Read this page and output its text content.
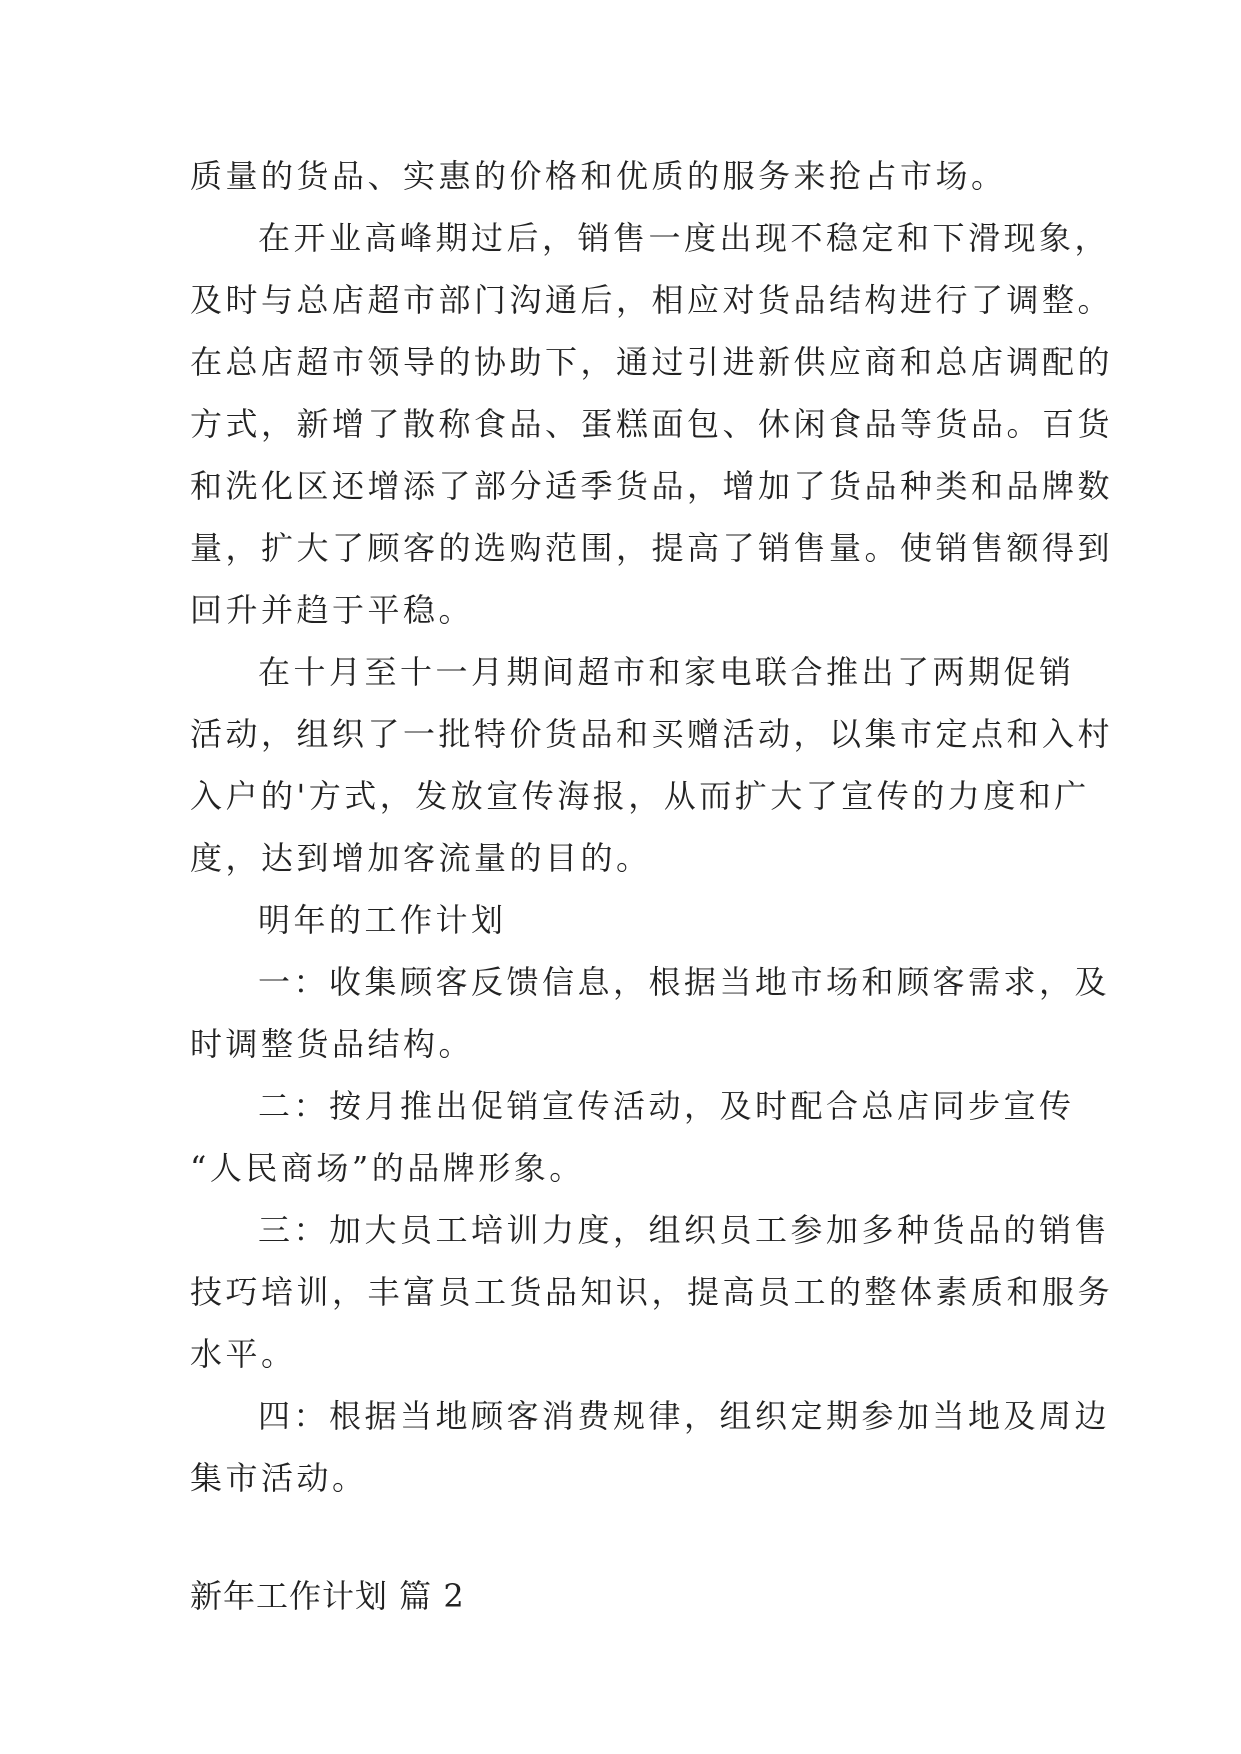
质量的货品、实惠的价格和优质的服务来抢占市场。
在开业高峰期过后，销售一度出现不稳定和下滑现象，
及时与总店超市部门沟通后，相应对货品结构进行了调整。
在总店超市领导的协助下，通过引进新供应商和总店调配的
方式，新增了散称食品、蛋糕面包、休闲食品等货品。百货
和洗化区还增添了部分适季货品，增加了货品种类和品牌数
量，扩大了顾客的选购范围，提高了销售量。使销售额得到
回升并趋于平稳。
在十月至十一月期间超市和家电联合推出了两期促销
活动，组织了一批特价货品和买赠活动，以集市定点和入村
入户的'方式，发放宣传海报，从而扩大了宣传的力度和广
度，达到增加客流量的目的。
明年的工作计划
一：收集顾客反馈信息，根据当地市场和顾客需求，及
时调整货品结构。
二：按月推出促销宣传活动，及时配合总店同步宣传
“人民商场”的品牌形象。
三：加大员工培训力度，组织员工参加多种货品的销售
技巧培训，丰富员工货品知识，提高员工的整体素质和服务
水平。
四：根据当地顾客消费规律，组织定期参加当地及周边
集市活动。
新年工作计划 篇 2
